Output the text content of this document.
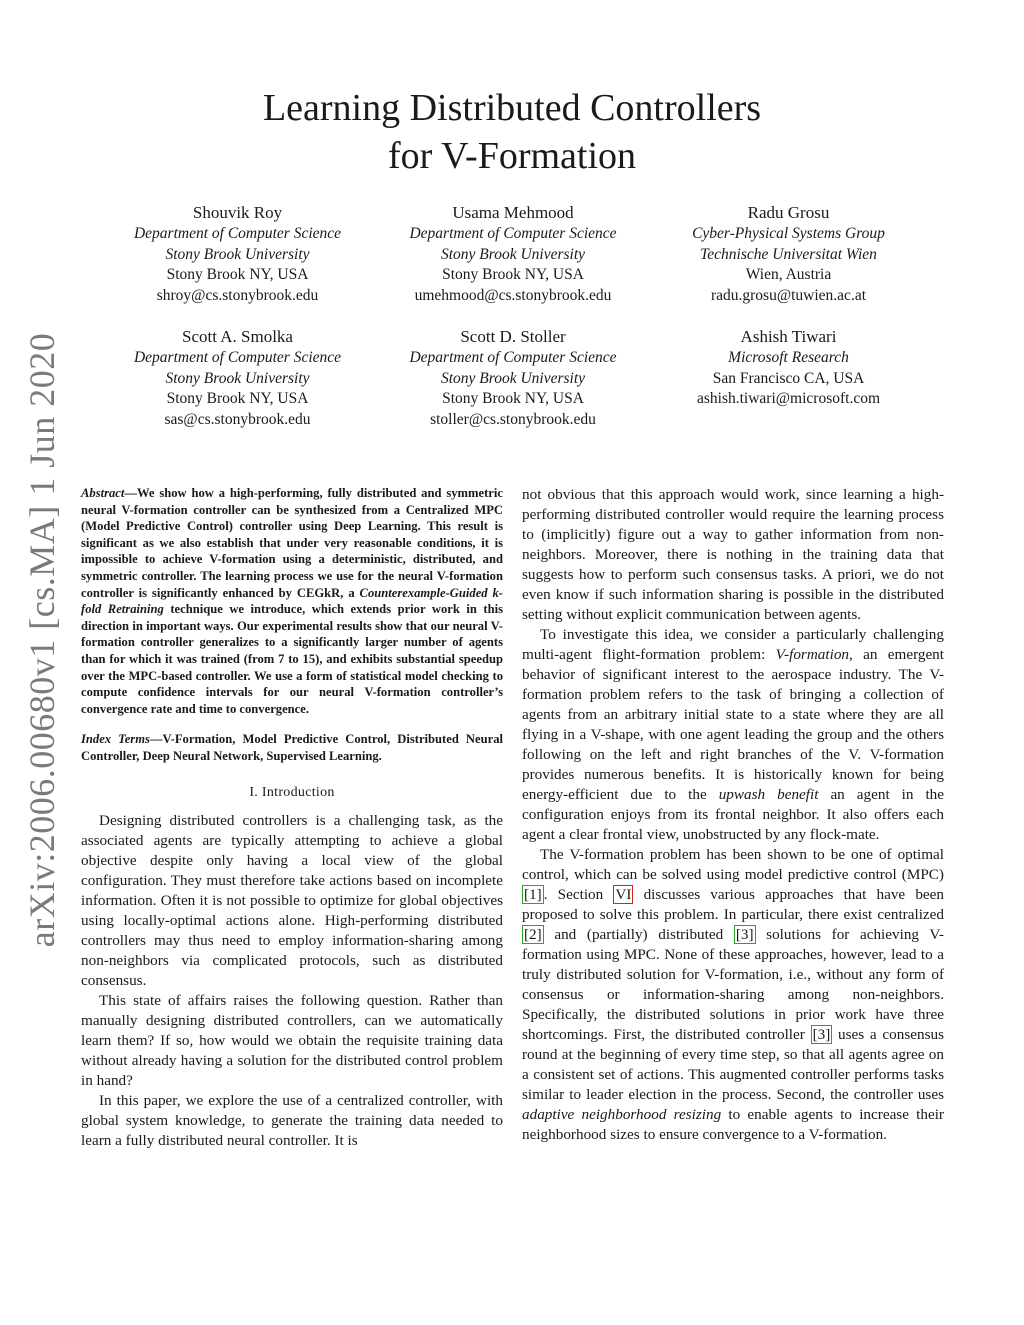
arXiv:2006.00680v1 [cs.MA] 1 Jun 2020
Learning Distributed Controllers
for V-Formation
Shouvik Roy
Department of Computer Science
Stony Brook University
Stony Brook NY, USA
shroy@cs.stonybrook.edu
Usama Mehmood
Department of Computer Science
Stony Brook University
Stony Brook NY, USA
umehmood@cs.stonybrook.edu
Radu Grosu
Cyber-Physical Systems Group
Technische Universitat Wien
Wien, Austria
radu.grosu@tuwien.ac.at
Scott A. Smolka
Department of Computer Science
Stony Brook University
Stony Brook NY, USA
sas@cs.stonybrook.edu
Scott D. Stoller
Department of Computer Science
Stony Brook University
Stony Brook NY, USA
stoller@cs.stonybrook.edu
Ashish Tiwari
Microsoft Research
San Francisco CA, USA
ashish.tiwari@microsoft.com

Abstract—We show how a high-performing, fully distributed and symmetric neural V-formation controller can be synthesized from a Centralized MPC (Model Predictive Control) controller using Deep Learning. This result is significant as we also establish that under very reasonable conditions, it is impossible to achieve V-formation using a deterministic, distributed, and symmetric controller. The learning process we use for the neural V-formation controller is significantly enhanced by CEGkR, a Counterexample-Guided k-fold Retraining technique we introduce, which extends prior work in this direction in important ways. Our experimental results show that our neural V-formation controller generalizes to a significantly larger number of agents than for which it was trained (from 7 to 15), and exhibits substantial speedup over the MPC-based controller. We use a form of statistical model checking to compute confidence intervals for our neural V-formation controller’s convergence rate and time to convergence.

Index Terms—V-Formation, Model Predictive Control, Distributed Neural Controller, Deep Neural Network, Supervised Learning.

I. Introduction

Designing distributed controllers is a challenging task, as the associated agents are typically attempting to achieve a global objective despite only having a local view of the global configuration. They must therefore take actions based on incomplete information. Often it is not possible to optimize for global objectives using locally-optimal actions alone. High-performing distributed controllers may thus need to employ information-sharing among non-neighbors via complicated protocols, such as distributed consensus.

This state of affairs raises the following question. Rather than manually designing distributed controllers, can we automatically learn them? If so, how would we obtain the requisite training data without already having a solution for the distributed control problem in hand?

In this paper, we explore the use of a centralized controller, with global system knowledge, to generate the training data needed to learn a fully distributed neural controller. It is

not obvious that this approach would work, since learning a high-performing distributed controller would require the learning process to (implicitly) figure out a way to gather information from non-neighbors. Moreover, there is nothing in the training data that suggests how to perform such consensus tasks. A priori, we do not even know if such information sharing is possible in the distributed setting without explicit communication between agents.

To investigate this idea, we consider a particularly challenging multi-agent flight-formation problem: V-formation, an emergent behavior of significant interest to the aerospace industry. The V-formation problem refers to the task of bringing a collection of agents from an arbitrary initial state to a state where they are all flying in a V-shape, with one agent leading the group and the others following on the left and right branches of the V. V-formation provides numerous benefits. It is historically known for being energy-efficient due to the upwash benefit an agent in the configuration enjoys from its frontal neighbor. It also offers each agent a clear frontal view, unobstructed by any flock-mate.

The V-formation problem has been shown to be one of optimal control, which can be solved using model predictive control (MPC) [1] . Section VI discusses various approaches that have been proposed to solve this problem. In particular, there exist centralized [2] and (partially) distributed [3] solutions for achieving V-formation using MPC. None of these approaches, however, lead to a truly distributed solution for V-formation, i.e., without any form of consensus or information-sharing among non-neighbors. Specifically, the distributed solutions in prior work have three shortcomings. First, the distributed controller [3] uses a consensus round at the beginning of every time step, so that all agents agree on a consistent set of actions. This augmented controller performs tasks similar to leader election in the process. Second, the controller uses adaptive neighborhood resizing to enable agents to increase their neighborhood sizes to ensure convergence to a V-formation.
